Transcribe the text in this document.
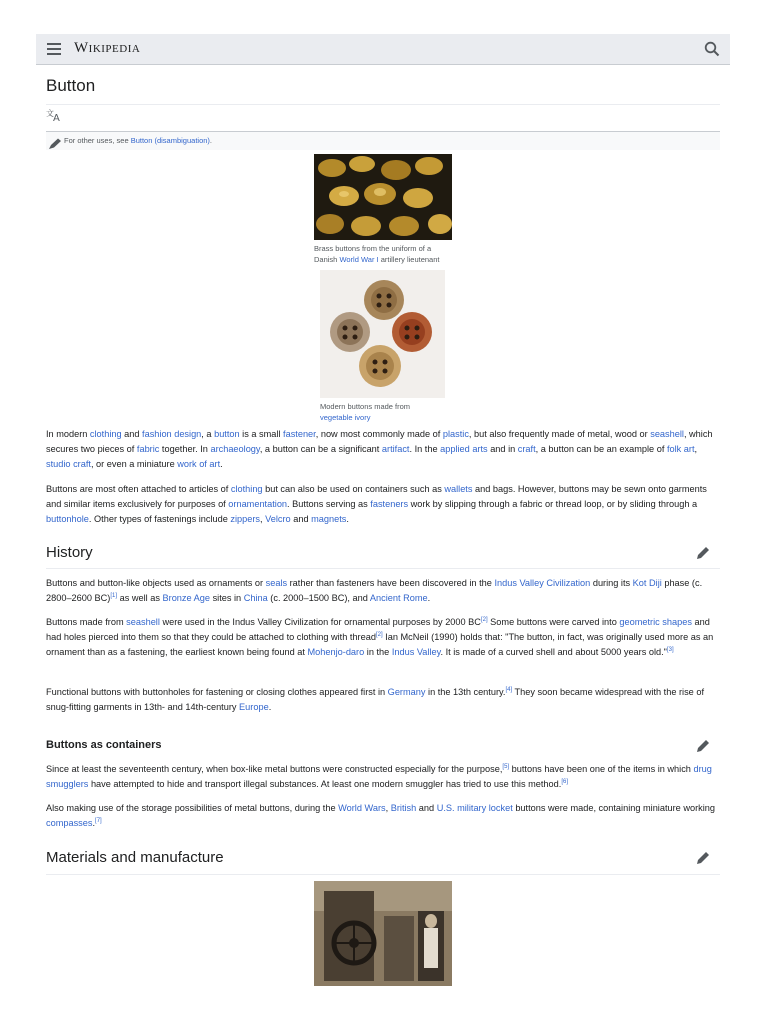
Wikipedia
Button
文 A
For other uses, see Button (disambiguation).
Brass buttons from the uniform of a Danish World War I artillery lieutenant
Modern buttons made from vegetable ivory
In modern clothing and fashion design, a button is a small fastener, now most commonly made of plastic, but also frequently made of metal, wood or seashell, which secures two pieces of fabric together. In archaeology, a button can be a significant artifact. In the applied arts and in craft, a button can be an example of folk art, studio craft, or even a miniature work of art.
Buttons are most often attached to articles of clothing but can also be used on containers such as wallets and bags. However, buttons may be sewn onto garments and similar items exclusively for purposes of ornamentation. Buttons serving as fasteners work by slipping through a fabric or thread loop, or by sliding through a buttonhole. Other types of fastenings include zippers, Velcro and magnets.
History
Buttons and button-like objects used as ornaments or seals rather than fasteners have been discovered in the Indus Valley Civilization during its Kot Diji phase (c. 2800–2600 BC)[1] as well as Bronze Age sites in China (c. 2000–1500 BC), and Ancient Rome.
Buttons made from seashell were used in the Indus Valley Civilization for ornamental purposes by 2000 BC[2] Some buttons were carved into geometric shapes and had holes pierced into them so that they could be attached to clothing with thread[2] Ian McNeil (1990) holds that: "The button, in fact, was originally used more as an ornament than as a fastening, the earliest known being found at Mohenjo-daro in the Indus Valley. It is made of a curved shell and about 5000 years old."[3]
Functional buttons with buttonholes for fastening or closing clothes appeared first in Germany in the 13th century.[4] They soon became widespread with the rise of snug-fitting garments in 13th- and 14th-century Europe.
Buttons as containers
Since at least the seventeenth century, when box-like metal buttons were constructed especially for the purpose,[5] buttons have been one of the items in which drug smugglers have attempted to hide and transport illegal substances. At least one modern smuggler has tried to use this method.[6]
Also making use of the storage possibilities of metal buttons, during the World Wars, British and U.S. military locket buttons were made, containing miniature working compasses.[7]
Materials and manufacture
